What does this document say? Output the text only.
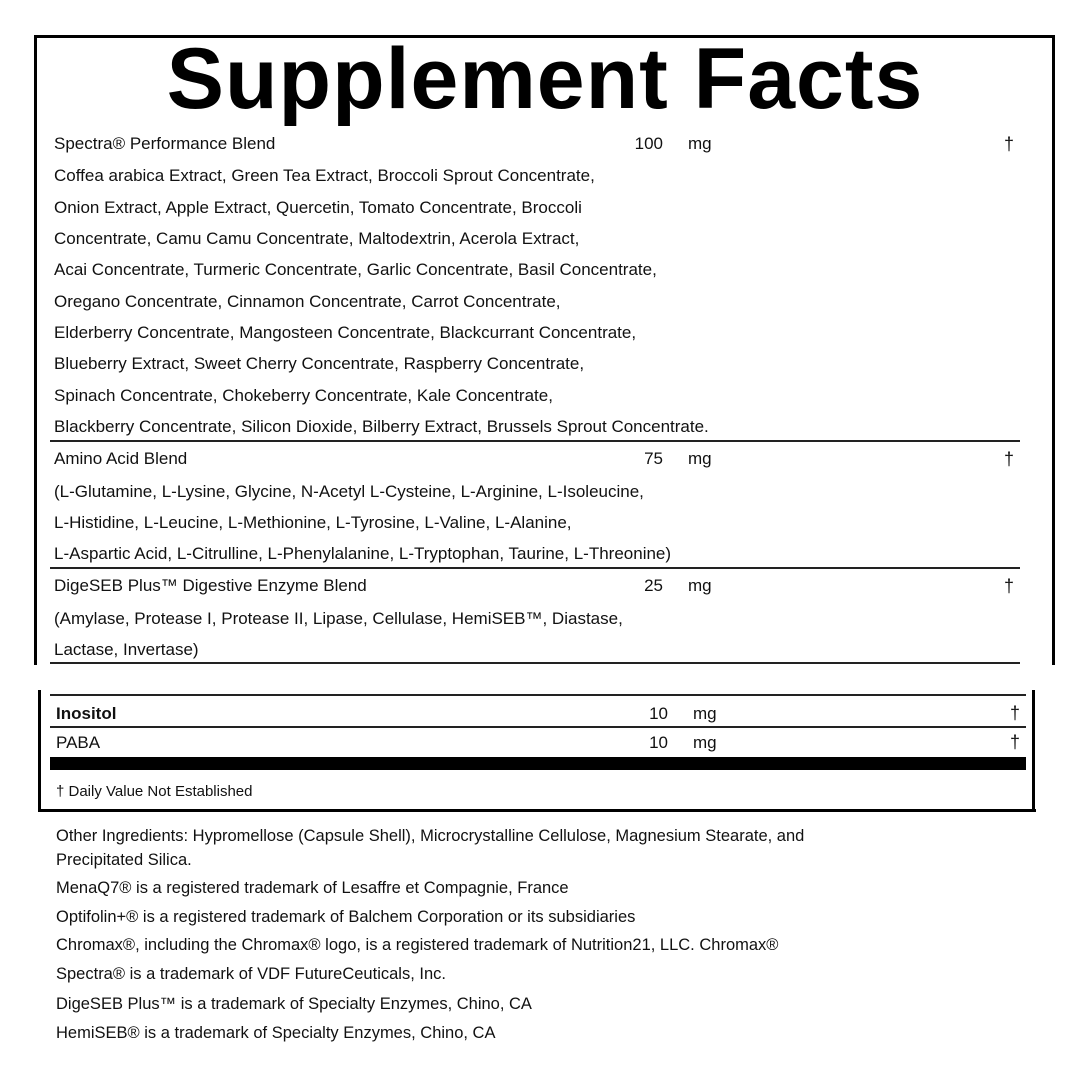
Supplement Facts
Spectra® Performance Blend	100 mg	†
Coffea arabica Extract, Green Tea Extract, Broccoli Sprout Concentrate,
Onion Extract, Apple Extract, Quercetin, Tomato Concentrate, Broccoli
Concentrate, Camu Camu Concentrate, Maltodextrin, Acerola Extract,
Acai Concentrate, Turmeric Concentrate, Garlic Concentrate, Basil Concentrate,
Oregano Concentrate, Cinnamon Concentrate, Carrot Concentrate,
Elderberry Concentrate, Mangosteen Concentrate, Blackcurrant Concentrate,
Blueberry Extract, Sweet Cherry Concentrate, Raspberry Concentrate,
Spinach Concentrate, Chokeberry Concentrate, Kale Concentrate,
Blackberry Concentrate, Silicon Dioxide, Bilberry Extract, Brussels Sprout Concentrate.
Amino Acid Blend	75 mg	†
(L-Glutamine, L-Lysine, Glycine, N-Acetyl L-Cysteine, L-Arginine, L-Isoleucine,
L-Histidine, L-Leucine, L-Methionine, L-Tyrosine, L-Valine, L-Alanine,
L-Aspartic Acid, L-Citrulline, L-Phenylalanine, L-Tryptophan, Taurine, L-Threonine)
DigeSEB Plus™ Digestive Enzyme Blend	25 mg	†
(Amylase, Protease I, Protease II, Lipase, Cellulase, HemiSEB™, Diastase,
Lactase, Invertase)
Inositol	10 mg	†
PABA	10 mg	†
† Daily Value Not Established
Other Ingredients: Hypromellose (Capsule Shell), Microcrystalline Cellulose, Magnesium Stearate, and
Precipitated Silica.
MenaQ7® is a registered trademark of Lesaffre et Compagnie, France
Optifolin+® is a registered trademark of Balchem Corporation or its subsidiaries
Chromax®, including the Chromax® logo, is a registered trademark of Nutrition21, LLC. Chromax®
Spectra® is a trademark of VDF FutureCeuticals, Inc.
DigeSEB Plus™ is a trademark of Specialty Enzymes, Chino, CA
HemiSEB® is a trademark of Specialty Enzymes, Chino, CA
